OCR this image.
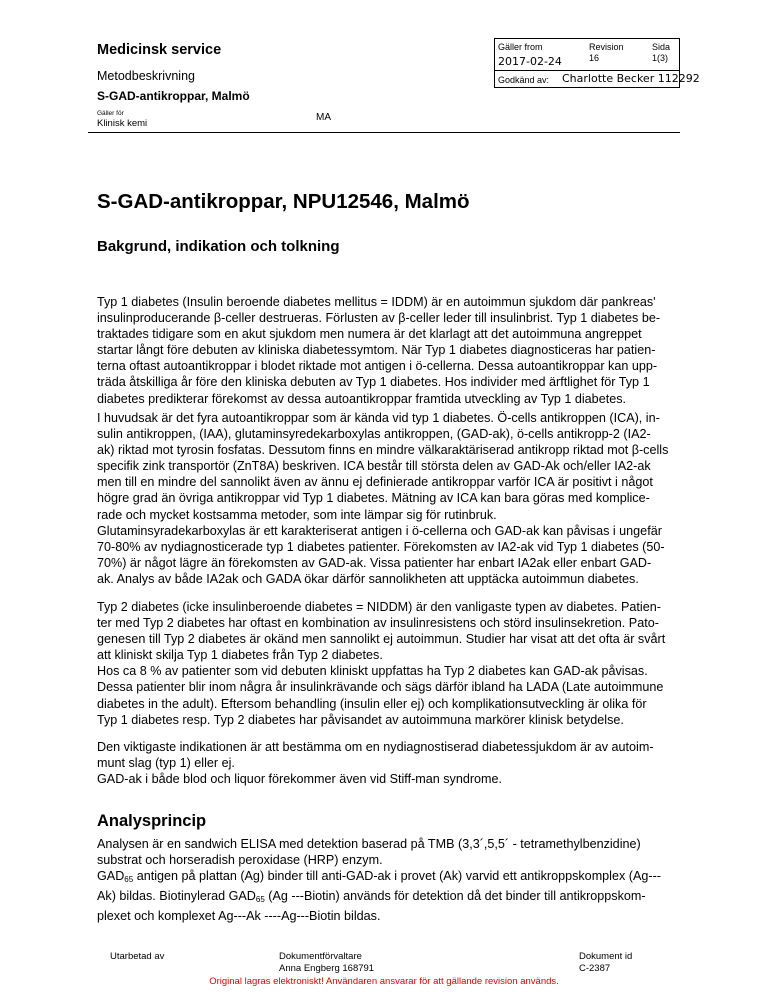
Medicinsk service
Metodbeskrivning
S-GAD-antikroppar, Malmö
Gäller för
Klinisk kemi
MA
Gäller from
2017-02-24
Revision
16
Sida
1(3)
Godkänd av: Charlotte Becker 112292
S-GAD-antikroppar, NPU12546, Malmö
Bakgrund, indikation och tolkning
Typ 1 diabetes (Insulin beroende diabetes mellitus = IDDM) är en autoimmun sjukdom där pankreas'
insulinproducerande β-celler destrueras. Förlusten av β-celler leder till insulinbrist. Typ 1 diabetes be-
traktades tidigare som en akut sjukdom men numera är det klarlagt att det autoimmuna angreppet
startar långt före debuten av kliniska diabetessymtom. När Typ 1 diabetes diagnosticeras har patien-
terna oftast autoantikroppar i blodet riktade mot antigen i ö-cellerna. Dessa autoantikroppar kan upp-
träda åtskilliga år före den kliniska debuten av Typ 1 diabetes. Hos individer med ärftlighet för Typ 1
diabetes predikterar förekomst av dessa autoantikroppar framtida utveckling av Typ 1 diabetes.
I huvudsak är det fyra autoantikroppar som är kända vid typ 1 diabetes. Ö-cells antikroppen (ICA), in-
sulin antikroppen, (IAA), glutaminsyredekarboxylas antikroppen, (GAD-ak), ö-cells antikropp-2 (IA2-
ak) riktad mot tyrosin fosfatas. Dessutom finns en mindre välkaraktäriserad antikropp riktad mot β-cells
specifik zink transportör (ZnT8A) beskriven. ICA består till största delen av GAD-Ak och/eller IA2-ak
men till en mindre del sannolikt även av ännu ej definierade antikroppar varför ICA är positivt i något
högre grad än övriga antikroppar vid Typ 1 diabetes. Mätning av ICA kan bara göras med komplice-
rade och mycket kostsamma metoder, som inte lämpar sig för rutinbruk.
Glutaminsyradekarboxylas är ett karakteriserat antigen i ö-cellerna och GAD-ak kan påvisas i ungefär
70-80% av nydiagnosticerade typ 1 diabetes patienter. Förekomsten av IA2-ak vid Typ 1 diabetes (50-
70%) är något lägre än förekomsten av GAD-ak. Vissa patienter har enbart IA2ak eller enbart GAD-
ak. Analys av både IA2ak och GADA ökar därför sannolikheten att upptäcka autoimmun diabetes.
Typ 2 diabetes (icke insulinberoende diabetes = NIDDM) är den vanligaste typen av diabetes. Patien-
ter med Typ 2 diabetes har oftast en kombination av insulinresistens och störd insulinsekretion. Pato-
genesen till Typ 2 diabetes är okänd men sannolikt ej autoimmun. Studier har visat att det ofta är svårt
att kliniskt skilja Typ 1 diabetes från Typ 2 diabetes.
Hos ca 8 % av patienter som vid debuten kliniskt uppfattas ha Typ 2 diabetes kan GAD-ak påvisas.
Dessa patienter blir inom några år insulinkrävande och sägs därför ibland ha LADA (Late autoimmune
diabetes in the adult). Eftersom behandling (insulin eller ej) och komplikationsutveckling är olika för
Typ 1 diabetes resp. Typ 2 diabetes har påvisandet av autoimmuna markörer klinisk betydelse.
Den viktigaste indikationen är att bestämma om en nydiagnostiserad diabetessjukdom är av autoim-
munt slag (typ 1) eller ej.
GAD-ak i både blod och liquor förekommer även vid Stiff-man syndrome.
Analysprincip
Analysen är en sandwich ELISA med detektion baserad på TMB (3,3´,5,5´ - tetramethylbenzidine)
substrat och horseradish peroxidase (HRP) enzym.
$GAD_{65}$ antigen på plattan (Ag) binder till anti-GAD-ak i provet (Ak) varvid ett antikroppskomplex (Ag---
Ak) bildas. Biotinylerad $GAD_{65}$ (Ag ---Biotin) används för detektion då det binder till antikroppskom-
plexet och komplexet Ag---Ak ----Ag---Biotin bildas.
Utarbetad av	Dokumentförvaltare
Anna Engberg 168791
Dokument id
C-2387
Original lagras elektroniskt! Användaren ansvarar för att gällande revision används.
